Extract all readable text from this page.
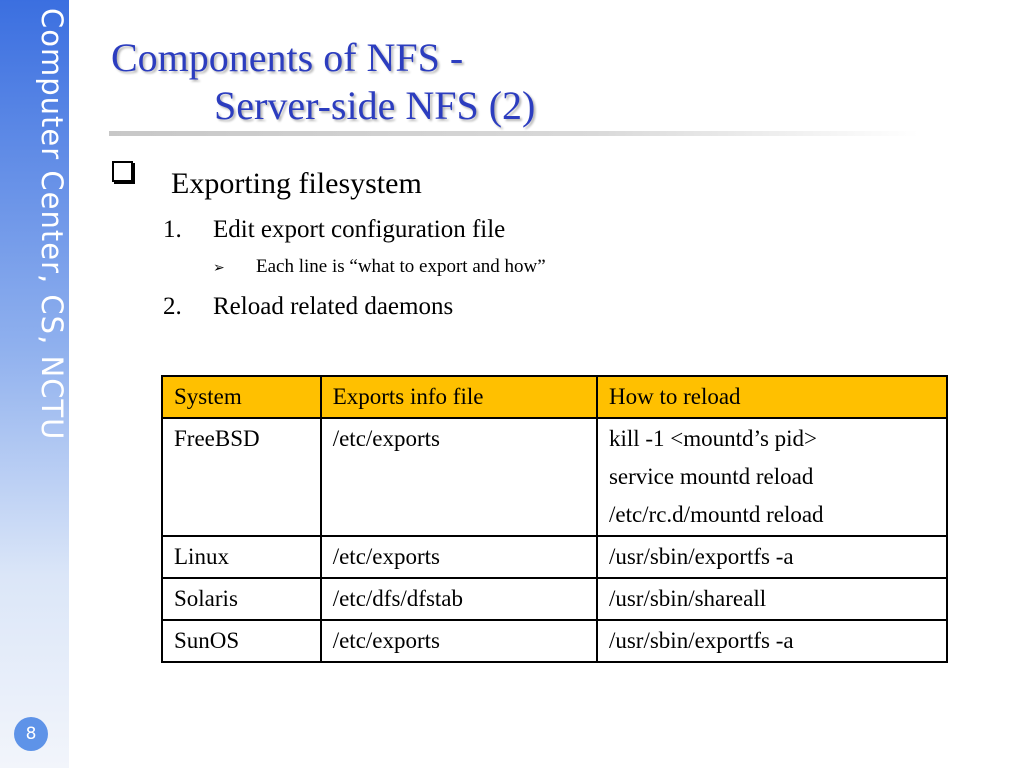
Computer Center, CS, NCTU
8
Components of NFS -
Server-side NFS (2)
Exporting filesystem
1. Edit export configuration file
➢ Each line is “what to export and how”
2. Reload related daemons
System	Exports info file	How to reload
FreeBSD	/etc/exports	kill -1 <mountd’s pid>
service mountd reload
/etc/rc.d/mountd reload

Linux	/etc/exports	/usr/sbin/exportfs -a
Solaris	/etc/dfs/dfstab	/usr/sbin/shareall
SunOS	/etc/exports	/usr/sbin/exportfs -a
